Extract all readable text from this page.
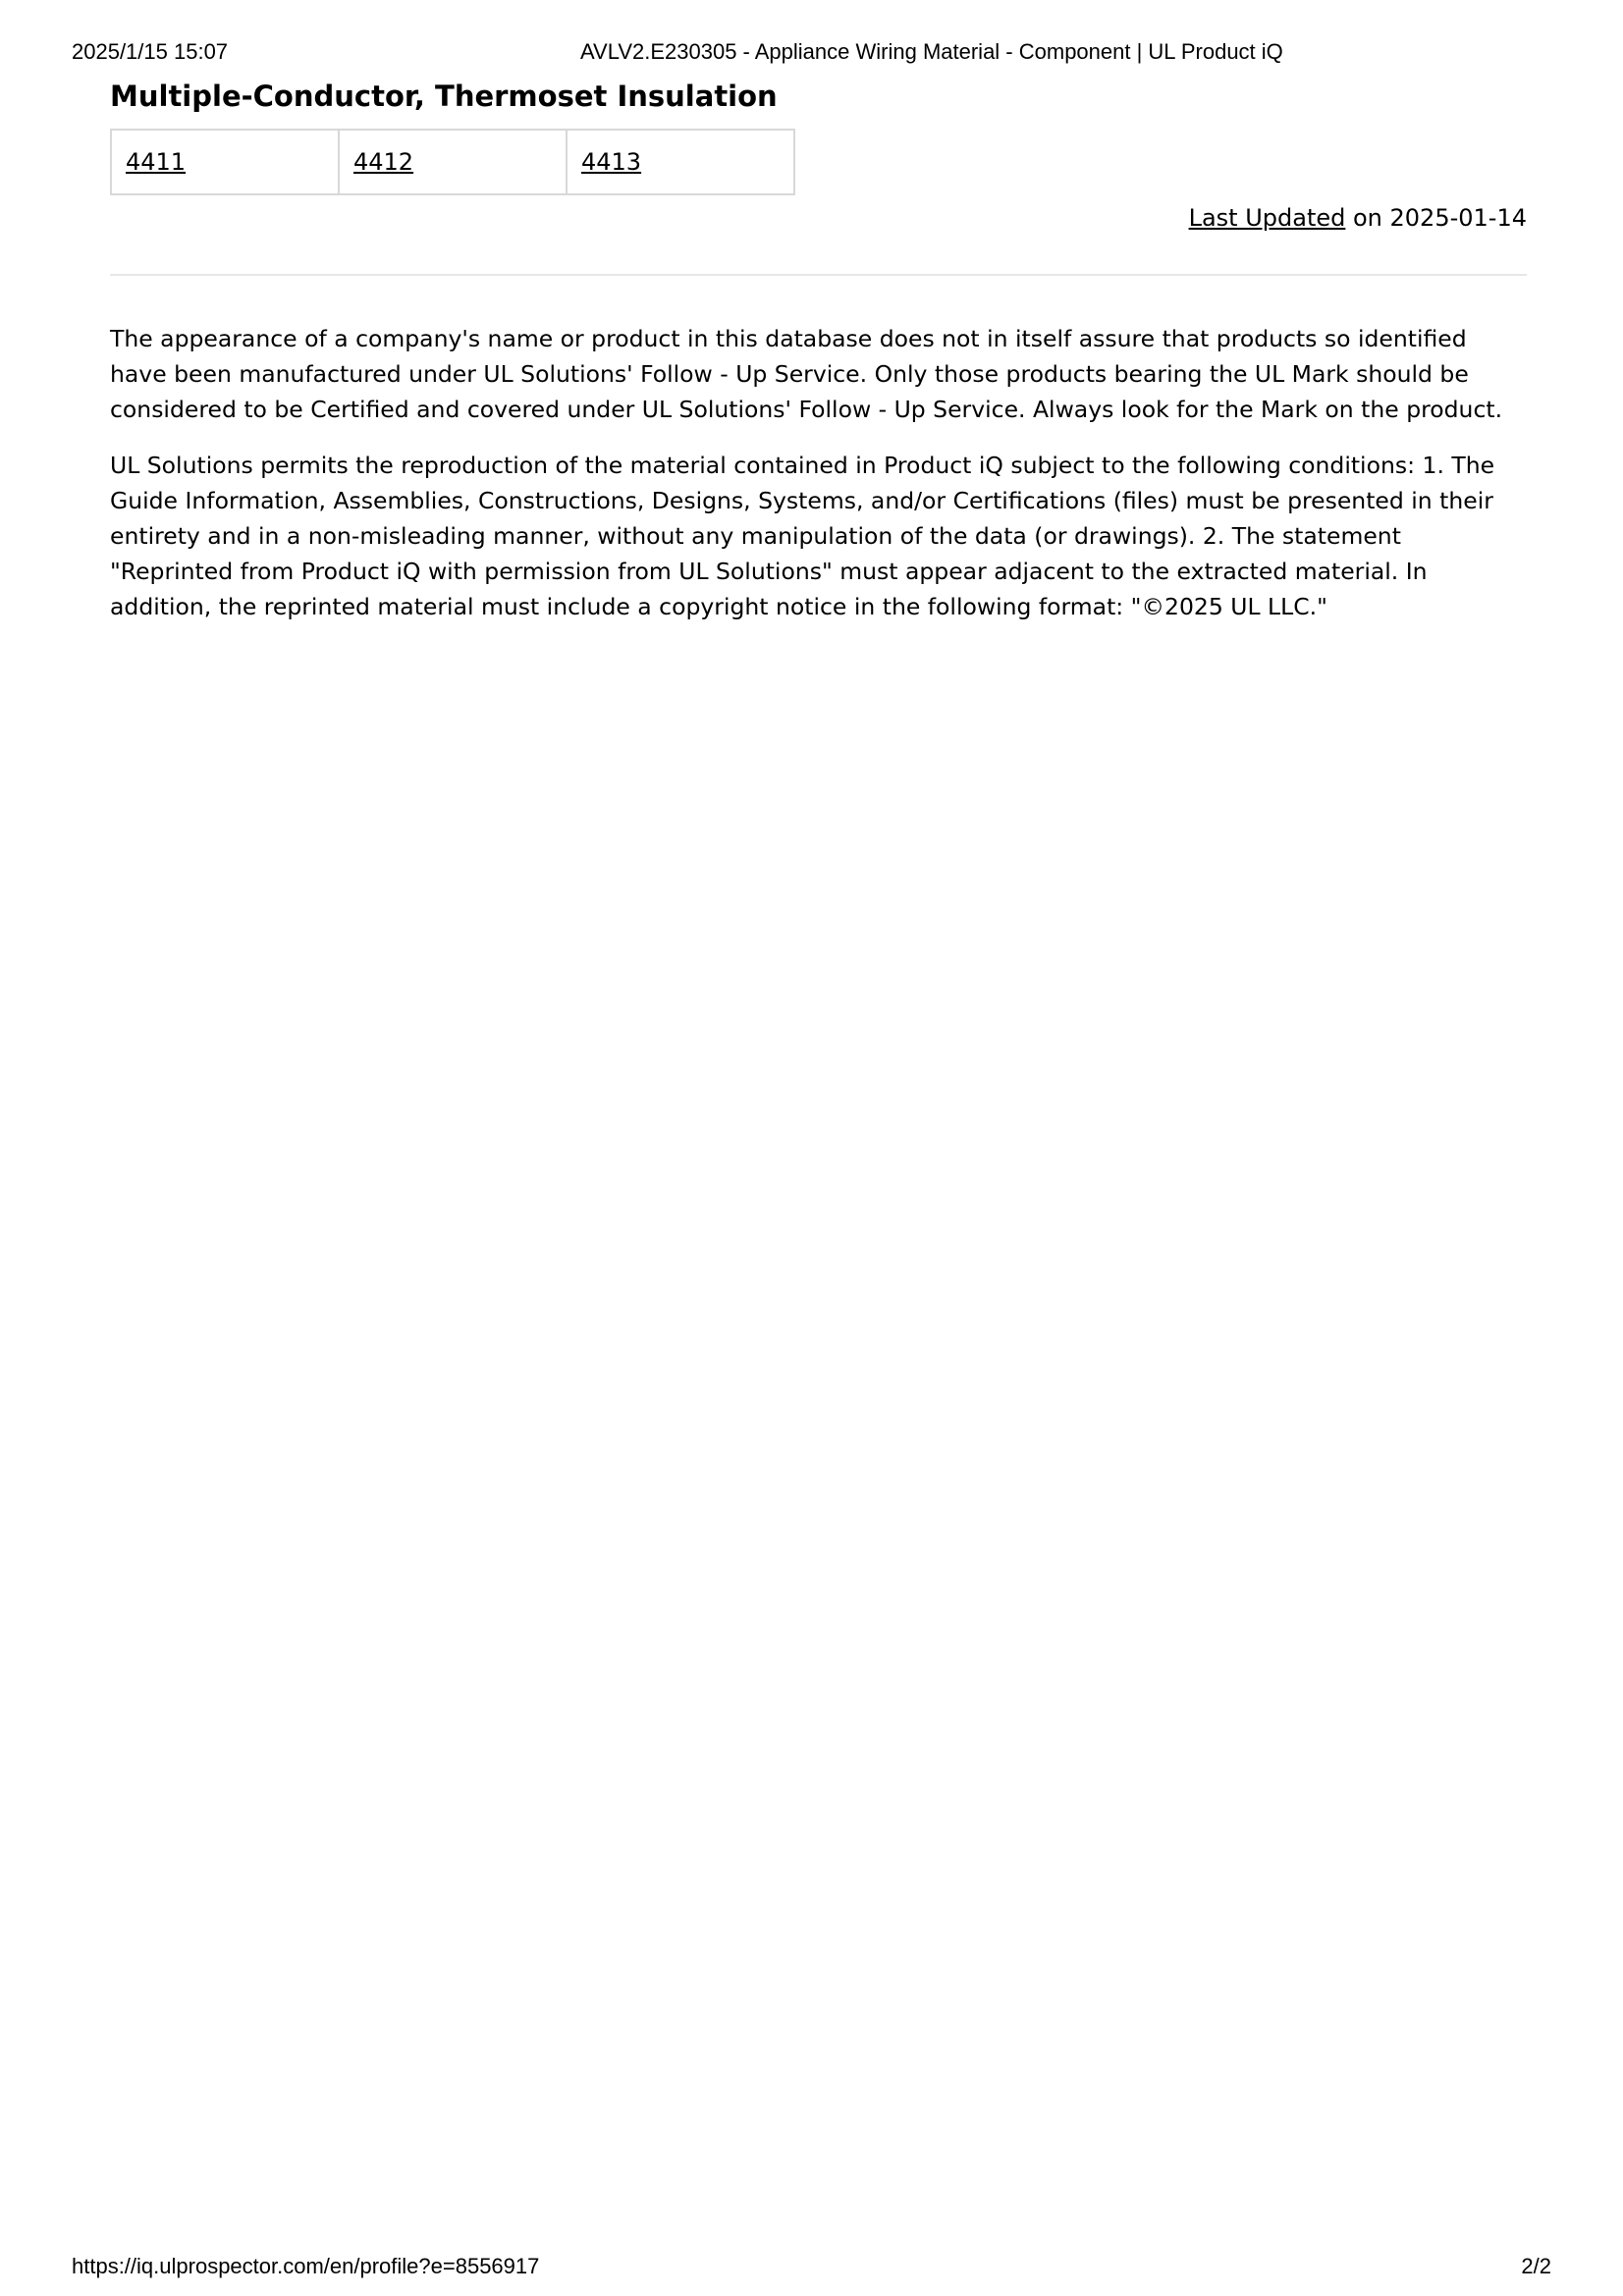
2025/1/15 15:07	AVLV2.E230305 - Appliance Wiring Material - Component | UL Product iQ
Multiple-Conductor, Thermoset Insulation
4411	4412	4413
Last Updated on 2025-01-14

The appearance of a company's name or product in this database does not in itself assure that products so identified have been manufactured under UL Solutions' Follow - Up Service. Only those products bearing the UL Mark should be considered to be Certified and covered under UL Solutions' Follow - Up Service. Always look for the Mark on the product.

UL Solutions permits the reproduction of the material contained in Product iQ subject to the following conditions: 1. The Guide Information, Assemblies, Constructions, Designs, Systems, and/or Certifications (files) must be presented in their entirety and in a non-misleading manner, without any manipulation of the data (or drawings). 2. The statement "Reprinted from Product iQ with permission from UL Solutions" must appear adjacent to the extracted material. In addition, the reprinted material must include a copyright notice in the following format: "©2025 UL LLC."

https://iq.ulprospector.com/en/profile?e=8556917	2/2
